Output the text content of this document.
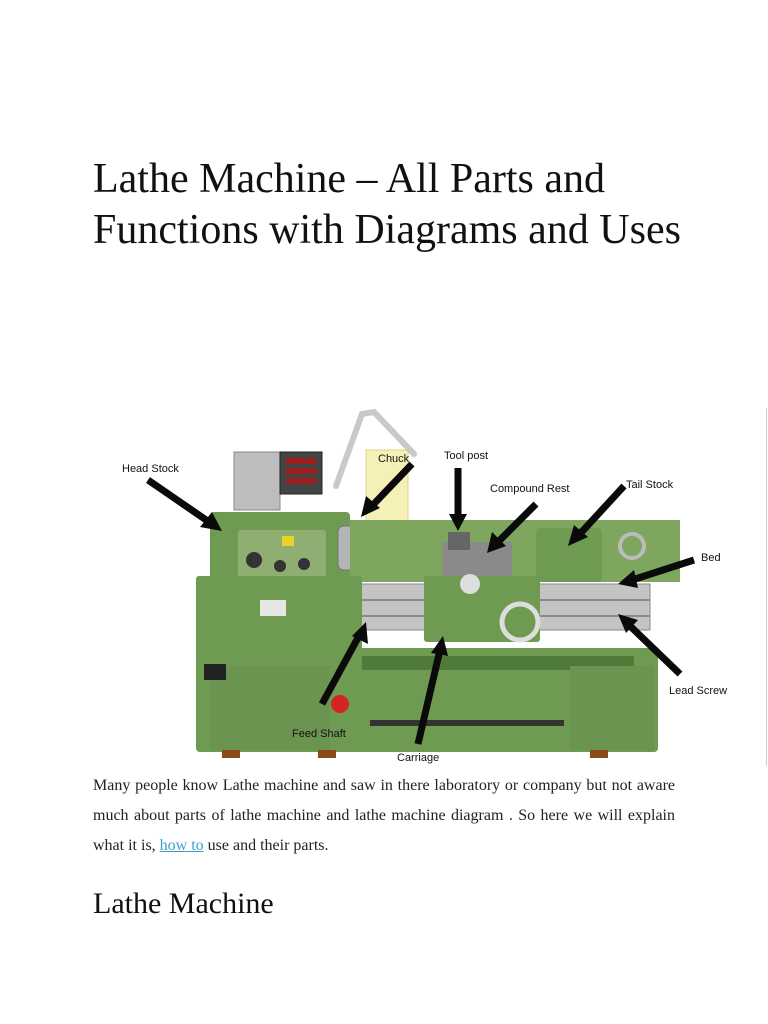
Lathe Machine – All Parts and Functions with Diagrams and Uses
Head Stock
Chuck	Tool post
Compound Rest	Tail Stock
Bed
Lead Screw
Feed Shaft
Carriage

Many people know Lathe machine and saw in there laboratory or company but not aware much about parts of lathe machine and lathe machine diagram . So here we will explain what it is, how to use and their parts.

Lathe Machine
